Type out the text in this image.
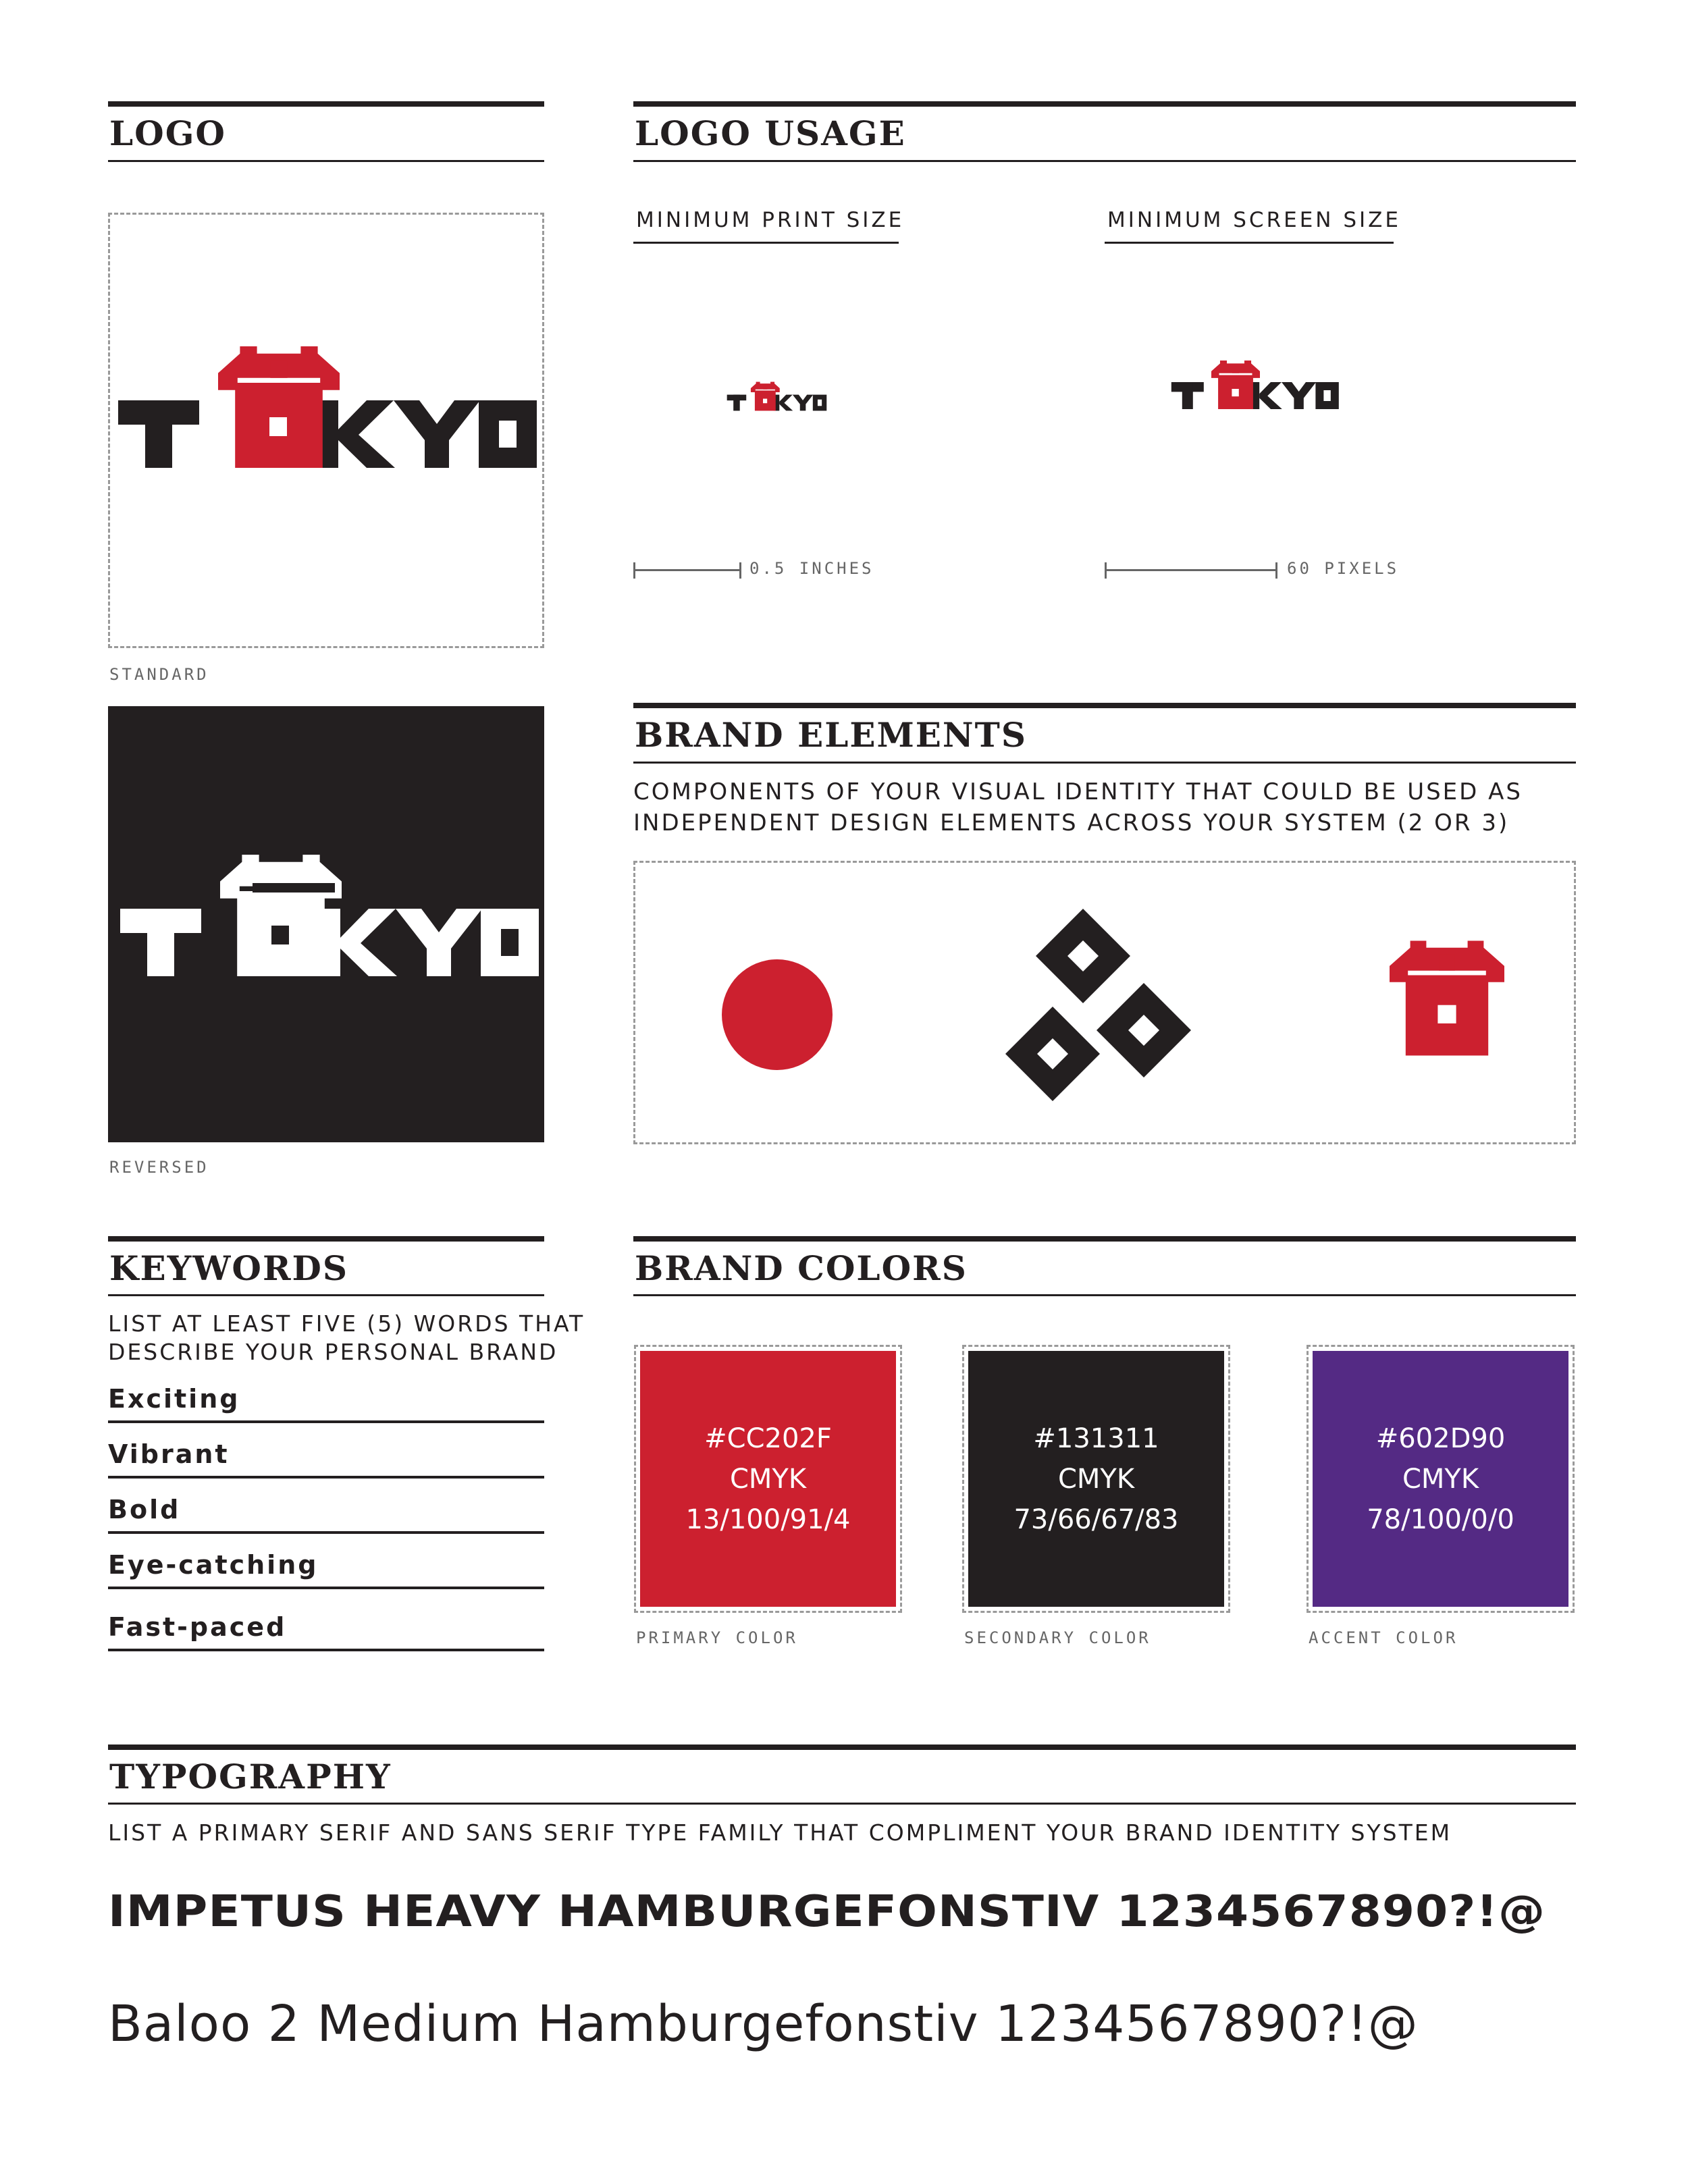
LOGO
STANDARD
REVERSED
LOGO USAGE
MINIMUM PRINT SIZE	MINIMUM SCREEN SIZE
0.5 INCHES	60 PIXELS
BRAND ELEMENTS
COMPONENTS OF YOUR VISUAL IDENTITY THAT COULD BE USED AS
INDEPENDENT DESIGN ELEMENTS ACROSS YOUR SYSTEM (2 OR 3)
KEYWORDS
LIST AT LEAST FIVE (5) WORDS THAT
DESCRIBE YOUR PERSONAL BRAND
Exciting
Vibrant
Bold
Eye-catching
Fast-paced
BRAND COLORS
#CC202F
CMYK
13/100/91/4
PRIMARY COLOR
#131311
CMYK
73/66/67/83
SECONDARY COLOR
#602D90
CMYK
78/100/0/0
ACCENT COLOR
TYPOGRAPHY
LIST A PRIMARY SERIF AND SANS SERIF TYPE FAMILY THAT COMPLIMENT YOUR BRAND IDENTITY SYSTEM
IMPETUS HEAVY HAMBURGEFONSTIV 1234567890?!@
Baloo 2 Medium Hamburgefonstiv 1234567890?!@
